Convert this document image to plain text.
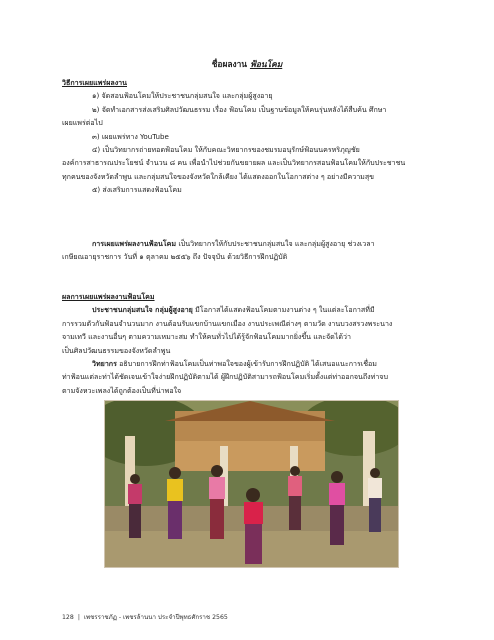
ชื่อผลงาน ฟ้อนโคม
วิธีการเผยแพร่ผลงาน
๑) จัดสอนฟ้อนโคมให้ประชาชนกลุ่มสนใจ และกลุ่มผู้สูงอายุ
๒) จัดทำเอกสารส่งเสริมศิลปวัฒนธรรม เรื่อง ฟ้อนโคม เป็นฐานข้อมูลให้คนรุ่นหลังได้สืบค้น ศึกษา
เผยแพร่ต่อไป
๓) เผยแพร่ทาง YouTube
๔) เป็นวิทยากรถ่ายทอดฟ้อนโคม ให้กับคณะวิทยากรของชมรมอนุรักษ์ฟ้อนนครหริภุญชัย
องค์การสาธารณประโยชน์ จำนวน ๘ คน เพื่อนำไปช่วยกันขยายผล และเป็นวิทยากรสอนฟ้อนโคมให้กับประชาชน
ทุกคนของจังหวัดลำพูน และกลุ่มสนใจของจังหวัดใกล้เคียง ได้แสดงออกในโอกาสต่าง ๆ อย่างมีความสุข
๕) ส่งเสริมการแสดงฟ้อนโคม
การเผยแพร่ผลงานฟ้อนโคม เป็นวิทยากรให้กับประชาชนกลุ่มสนใจ และกลุ่มผู้สูงอายุ ช่วงเวลา
เกษียณอายุราชการ วันที่ ๑ ตุลาคม ๒๕๕๖ ถึง ปัจจุบัน ด้วยวิธีการฝึกปฏิบัติ
ผลการเผยแพร่ผลงานฟ้อนโคม
ประชาชนกลุ่มสนใจ กลุ่มผู้สูงอายุ มีโอกาสได้แสดงฟ้อนโคมตามงานต่าง ๆ ในแต่ละโอกาสที่มี
การรวมตัวกันฟ้อนจำนวนมาก งานต้อนรับแขกบ้านแขกเมือง งานประเพณีต่างๆ ตามวัด งานบวงสรวงพระนาง
จามเทวี และงานอื่นๆ ตามความเหมาะสม ทำให้คนทั่วไปได้รู้จักฟ้อนโคมมากยิ่งขึ้น และจัดได้ว่า
เป็นศิลปวัฒนธรรมของจังหวัดลำพูน
วิทยากร อธิบายการฝึกท่าฟ้อนโคมเป็นท่าพอใจของผู้เข้ารับการฝึกปฏิบัติ ได้เสนอแนะการเชื่อม
ท่าฟ้อนแต่ละท่าได้ชัดเจนเข้าใจง่ายฝึกปฏิบัติตามได้ ผู้ฝึกปฏิบัติสามารถฟ้อนโคมเริ่มตั้งแต่ท่าออกจนถึงท่าจบ
ตามจังหวะเพลงได้ถูกต้องเป็นที่น่าพอใจ
128 | เพชรราชภัฏ - เพชรล้านนา ประจำปีพุทธศักราช 2565
